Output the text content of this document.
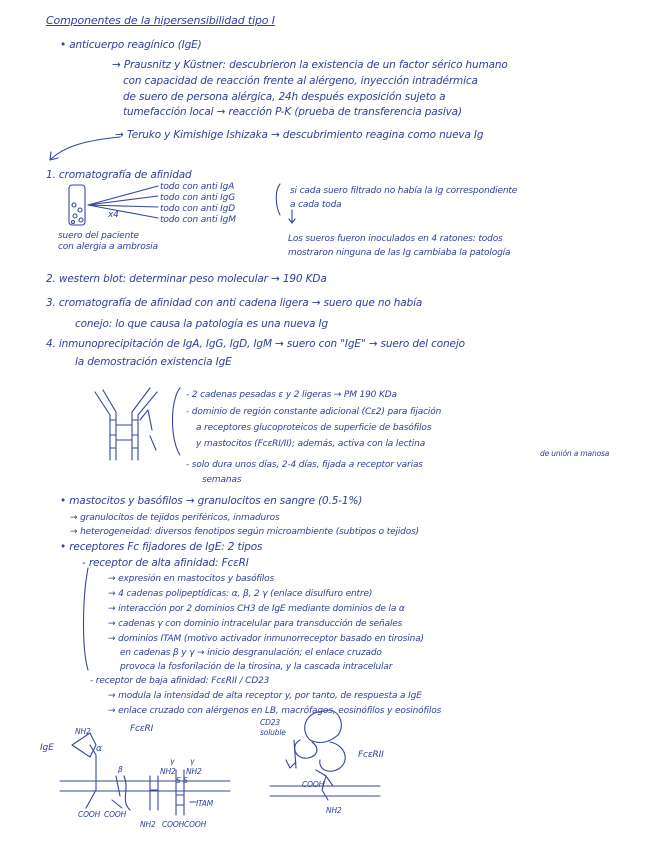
Componentes de la hipersensibilidad tipo I
• anticuerpo reagínico (IgE)
→ Prausnitz y Küstner: descubrieron la existencia de un factor sérico humano
con capacidad de reacción frente al alérgeno, inyección intradérmica
de suero de persona alérgica, 24h después exposición sujeto a
tumefacción local → reacción P-K (prueba de transferencia pasiva)
→ Teruko y Kimishige Ishizaka → descubrimiento reagina como nueva Ig
1. cromatografía de afinidad
todo con anti IgA
todo con anti IgG
todo con anti IgD
todo con anti IgM
x4
suero del paciente
con alergia a ambrosia
si cada suero filtrado no había la Ig correspondiente
a cada toda
Los sueros fueron inoculados en 4 ratones: todos
mostraron ninguna de las Ig cambiaba la patología
2. western blot: determinar peso molecular → 190 KDa
3. cromatografía de afinidad con anti cadena ligera → suero que no había
conejo: lo que causa la patología es una nueva Ig
4. inmunoprecipitación de IgA, IgG, IgD, IgM → suero con "IgE" → suero del conejo
la demostración existencia IgE
- 2 cadenas pesadas ε y 2 ligeras → PM 190 KDa
- dominio de región constante adicional (Cε2) para fijación
a receptores glucoproteicos de superficie de basófilos
y mastocitos (FcεRI/II); además, activa con la lectina
de unión a manosa
- solo dura unos días, 2-4 días, fijada a receptor varias
semanas
• mastocitos y basófilos → granulocitos en sangre (0.5-1%)
→ granulocitos de tejidos periféricos, inmaduros
→ heterogeneidad: diversos fenotipos según microambiente (subtipos o tejidos)
• receptores Fc fijadores de IgE: 2 tipos
- receptor de alta afinidad: FcεRI
→ expresión en mastocitos y basófilos
→ 4 cadenas polipeptídicas: α, β, 2 γ (enlace disulfuro entre)
→ interacción por 2 dominios CH3 de IgE mediante dominios de la α
→ cadenas γ con dominio intracelular para transducción de señales
→ dominios ITAM (motivo activador inmunorreceptor basado en tirosina)
en cadenas β y γ → inicio desgranulación; el enlace cruzado
provoca la fosforilación de la tirosina, y la cascada intracelular
- receptor de baja afinidad: FcεRII / CD23
→ modula la intensidad de alta receptor y, por tanto, de respuesta a IgE
→ enlace cruzado con alérgenos en LB, macrófagos, eosinófilos y eosinófilos
FcεRI
IgE
NH2
α
β
γ	γ
NH2	NH2
S-S
ITAM
COOH COOH
NH2 COOH COOH
CD23 soluble
FcεRII
COOH
NH2
